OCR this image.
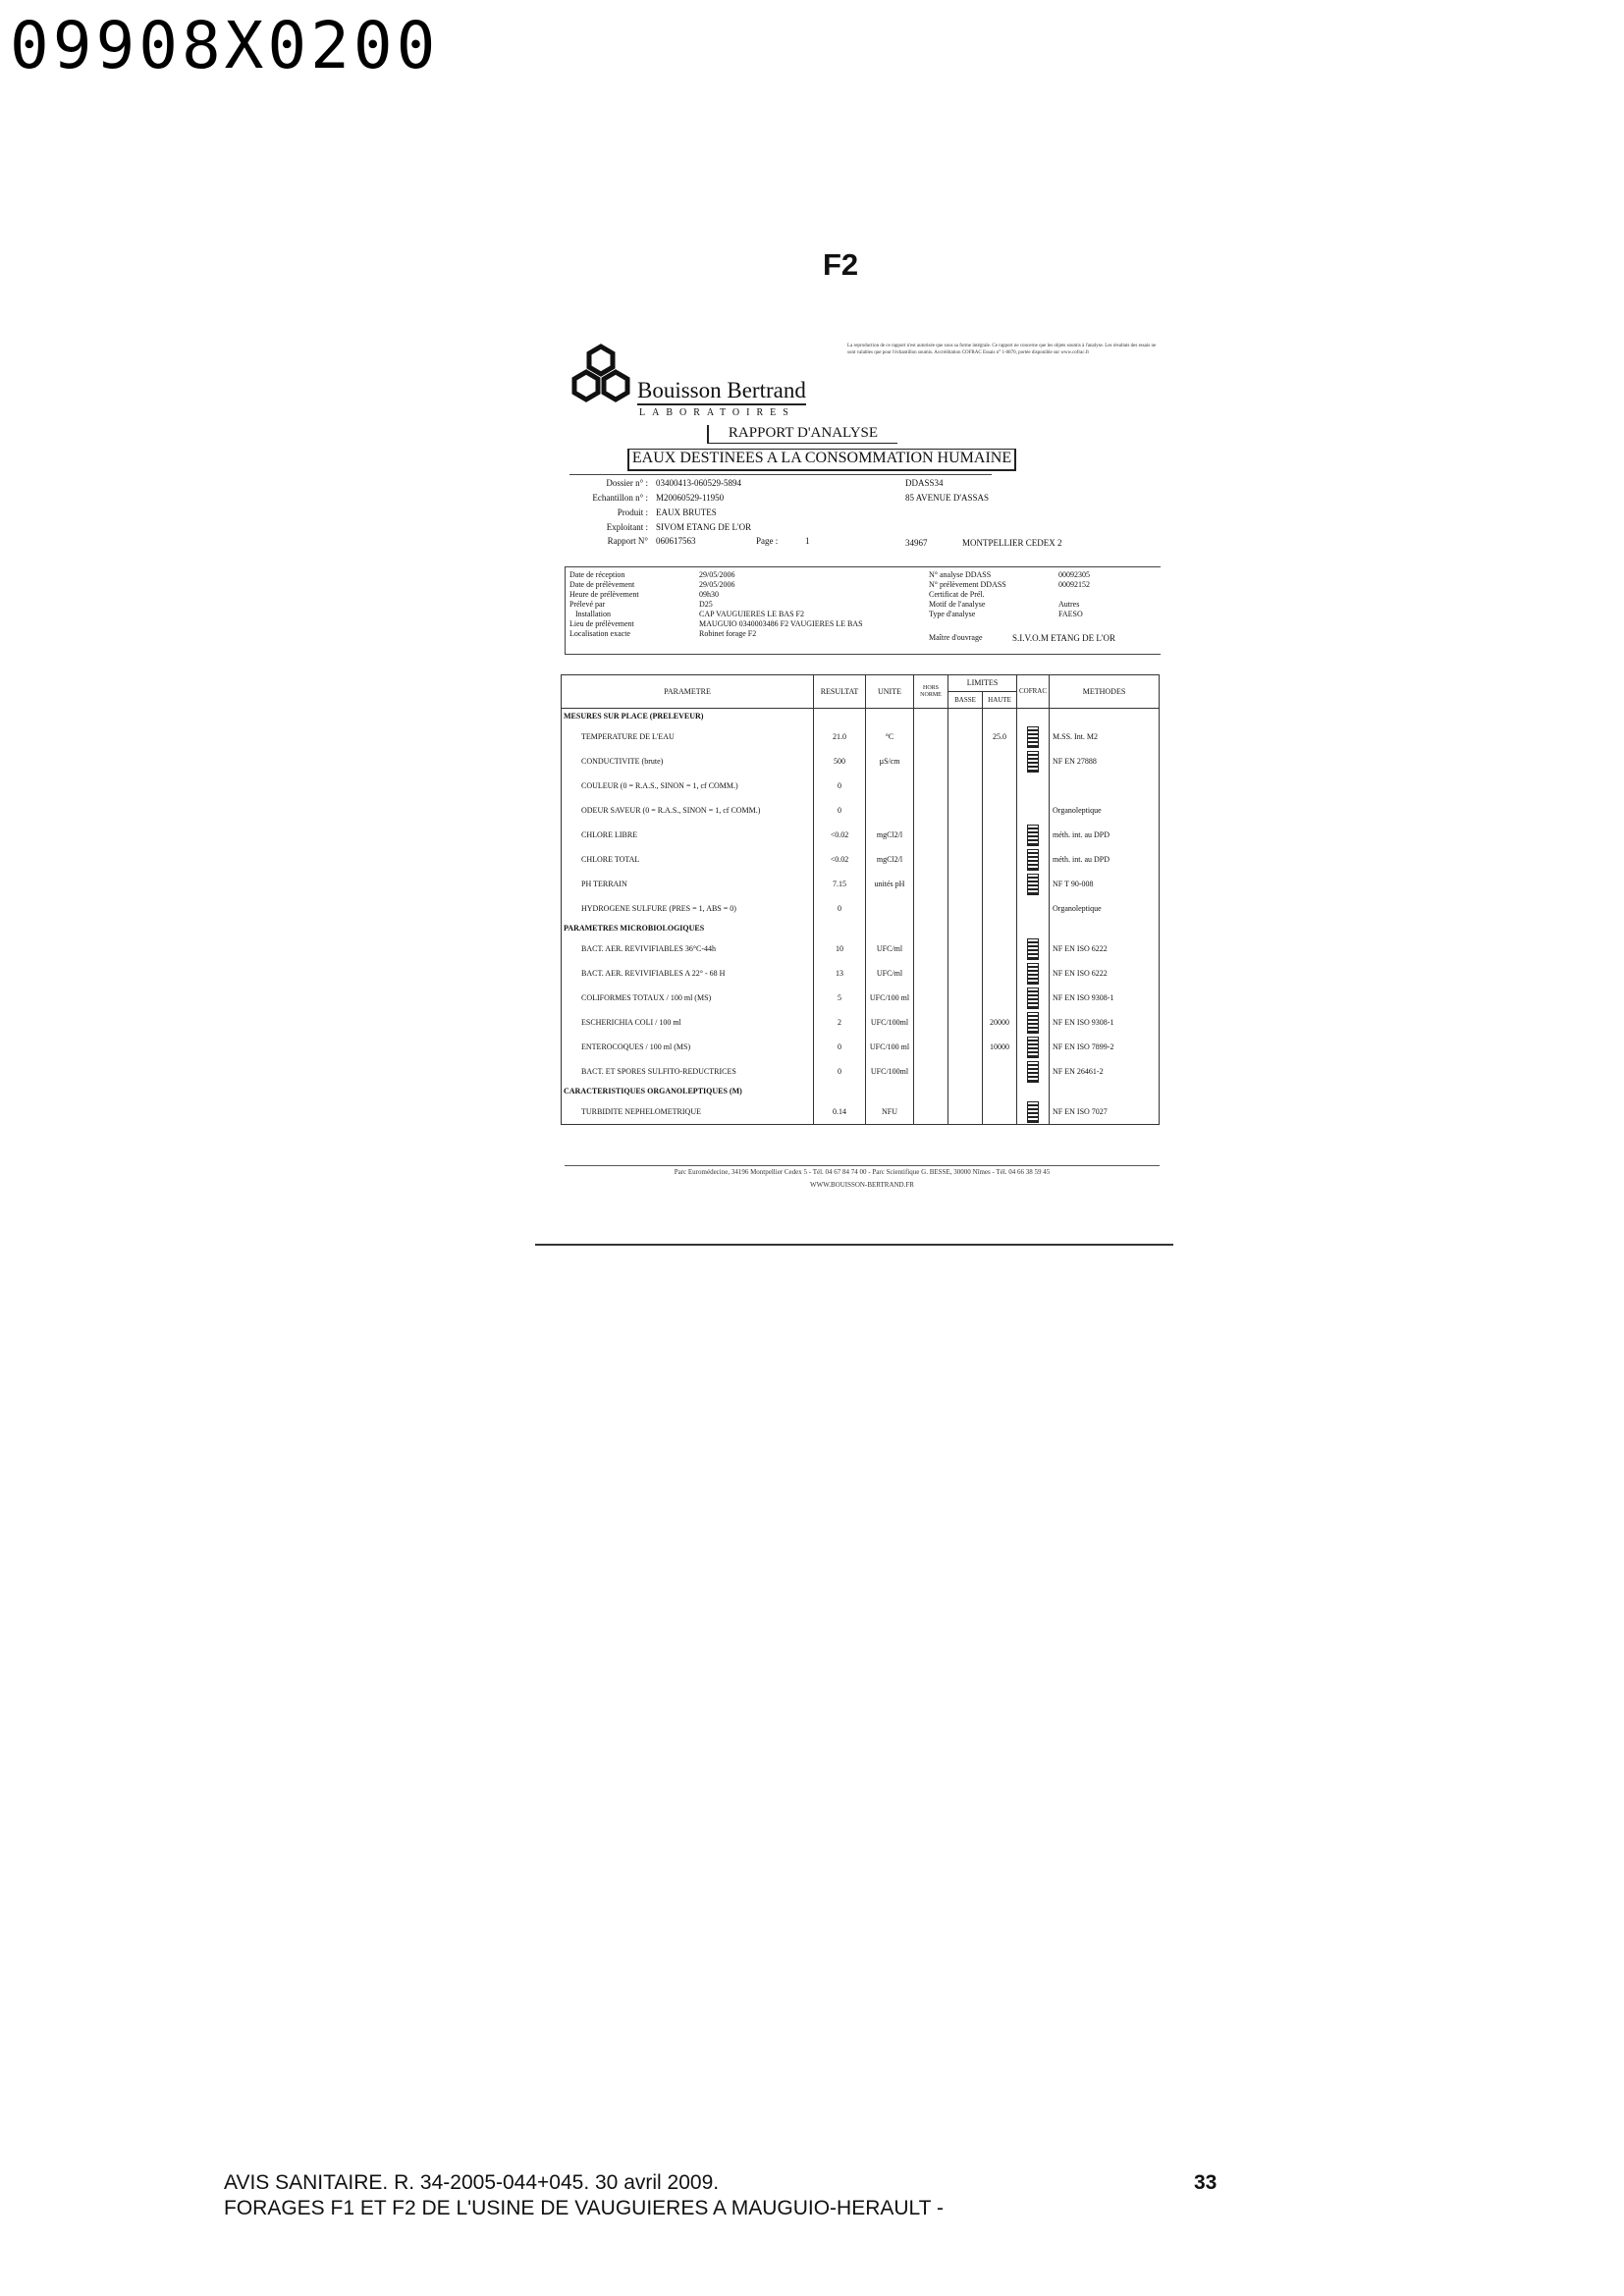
09908X0200
F2
Bouisson Bertrand
LABORATOIRES
La reproduction de ce rapport n'est autorisée que sous sa forme intégrale. Ce rapport ne concerne que les objets soumis à l'analyse. Les résultats des essais ne sont valables que pour l'échantillon soumis. Accréditation COFRAC Essais n° 1-0870, portée disponible sur www.cofrac.fr
RAPPORT D'ANALYSE
EAUX DESTINEES A LA CONSOMMATION HUMAINE
Dossier n° : 03400413-060529-5894
Echantillon n° : M20060529-11950
Produit : EAUX BRUTES
Exploitant : SIVOM ETANG DE L'OR
Rapport N° 060617563	Page :	1
DDASS34
85 AVENUE D'ASSAS
34967	MONTPELLIER CEDEX 2
Date de réception	29/05/2006
Date de prélèvement	29/05/2006
Heure de prélèvement	09h30
Prélevé par	D25
Installation	CAP VAUGUIERES LE BAS F2
Lieu de prélèvement	MAUGUIO 0340003486 F2 VAUGIERES LE BAS
Localisation exacte	Robinet forage F2
N° analyse DDASS	00092305
N° prélèvement DDASS	00092152
Certificat de Prél.
Motif de l'analyse	Autres
Type d'analyse	FAESO
Maître d'ouvrage	S.I.V.O.M ETANG DE L'OR
PARAMETRE	RESULTAT	UNITE	HORS NORME	LIMITES		COFRAC	METHODES
				BASSE	HAUTE		
MESURES SUR PLACE (PRELEVEUR)							
TEMPERATURE DE L'EAU	21.0	°C			25.0		M.SS. Int. M2
CONDUCTIVITE (brute)	500	µS/cm					NF EN 27888
COULEUR (0 = R.A.S., SINON = 1, cf COMM.)	0						
ODEUR SAVEUR (0 = R.A.S., SINON = 1, cf COMM.)	0						Organoleptique
CHLORE LIBRE	<0.02	mgCl2/l					méth. int. au DPD
CHLORE TOTAL	<0.02	mgCl2/l					méth. int. au DPD
PH TERRAIN	7.15	unités pH					NF T 90-008
HYDROGENE SULFURE (PRES = 1, ABS = 0)	0						Organoleptique
PARAMETRES MICROBIOLOGIQUES							
BACT. AER. REVIVIFIABLES 36°C-44h	10	UFC/ml					NF EN ISO 6222
BACT. AER. REVIVIFIABLES A 22° - 68 H	13	UFC/ml					NF EN ISO 6222
COLIFORMES TOTAUX / 100 ml (MS)	5	UFC/100 ml					NF EN ISO 9308-1
ESCHERICHIA COLI / 100 ml	2	UFC/100ml			20000		NF EN ISO 9308-1
ENTEROCOQUES / 100 ml (MS)	0	UFC/100 ml			10000		NF EN ISO 7899-2
BACT. ET SPORES SULFITO-REDUCTRICES	0	UFC/100ml					NF EN 26461-2
CARACTERISTIQUES ORGANOLEPTIQUES (M)							
TURBIDITE NEPHELOMETRIQUE	0.14	NFU					NF EN ISO 7027
Parc Euromédecine, 34196 Montpellier Cedex 5 - Tél. 04 67 84 74 00 - Parc Scientifique G. BESSE, 30000 Nîmes - Tél. 04 66 38 59 45
WWW.BOUISSON-BERTRAND.FR
AVIS SANITAIRE. R. 34-2005-044+045. 30 avril 2009.
FORAGES F1 ET F2 DE L'USINE DE VAUGUIERES A MAUGUIO-HERAULT -
33
